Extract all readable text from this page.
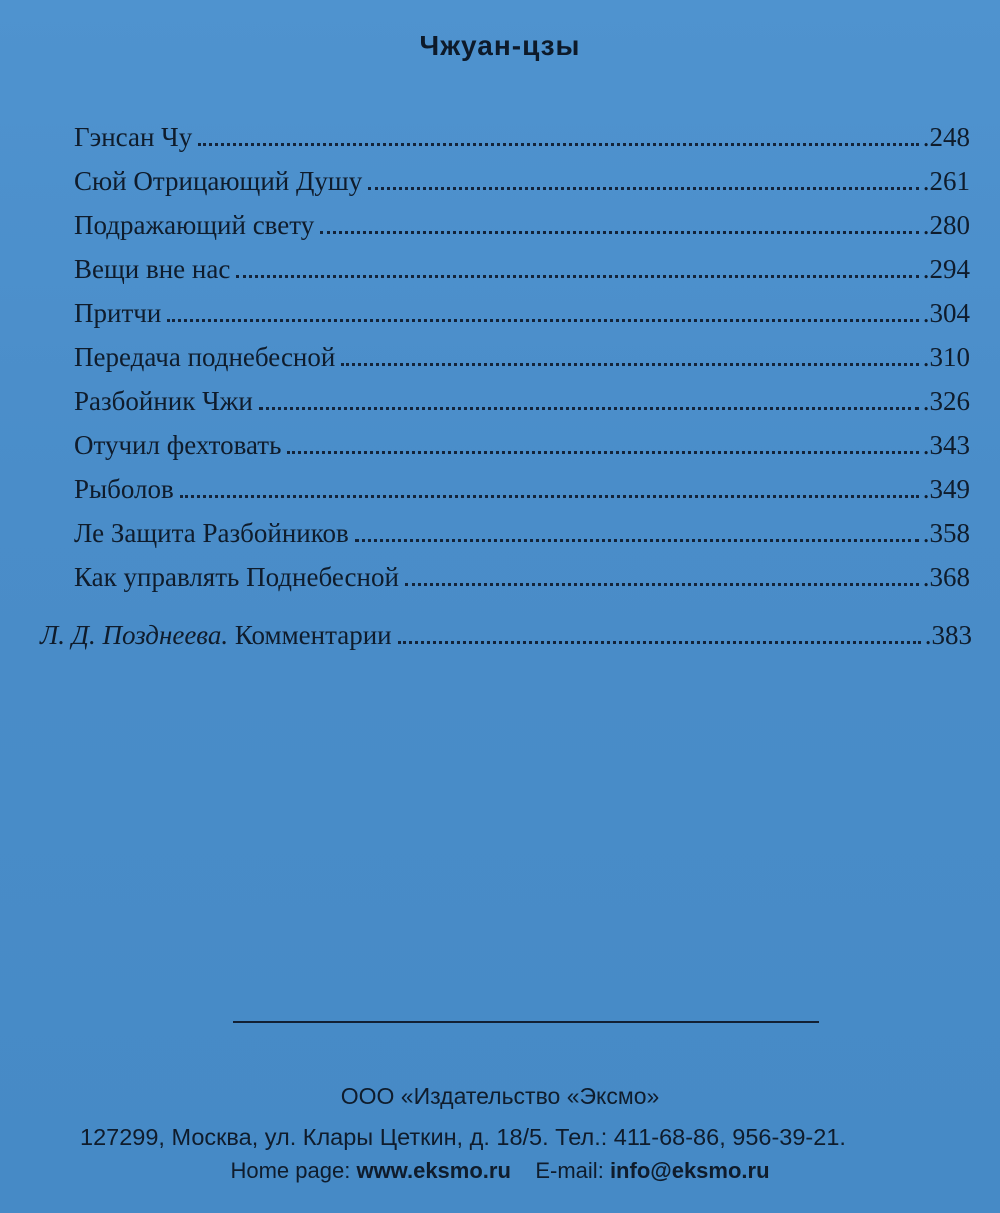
Чжуан-цзы
Гэнсан Чу	.248
Сюй Отрицающий Душу	.261
Подражающий свету	.280
Вещи вне нас	.294
Притчи	.304
Передача поднебесной	.310
Разбойник Чжи	.326
Отучил фехтовать	.343
Рыболов	.349
Ле Защита Разбойников	.358
Как управлять Поднебесной	.368
Л. Д. Позднеева. Комментарии	.383
ООО «Издательство «Эксмо»
127299, Москва, ул. Клары Цеткин, д. 18/5. Тел.: 411-68-86, 956-39-21.
Home page: www.eksmo.ru E-mail: info@eksmo.ru
